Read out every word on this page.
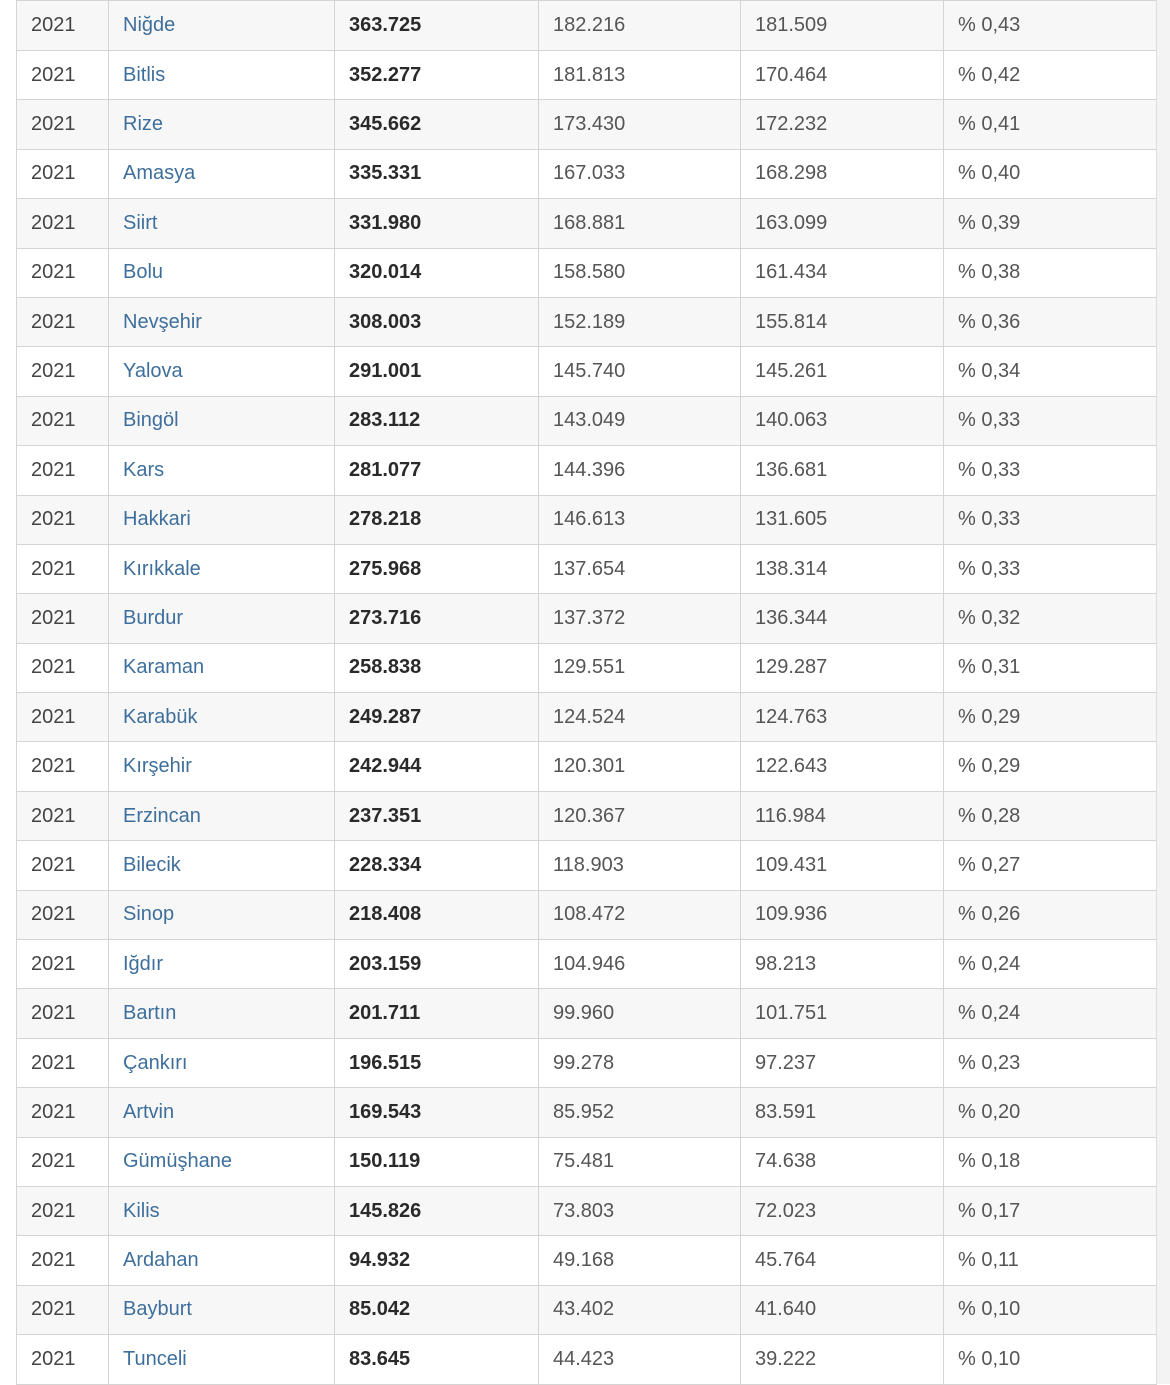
2021	Niğde	363.725	182.216	181.509	% 0,43
2021	Bitlis	352.277	181.813	170.464	% 0,42
2021	Rize	345.662	173.430	172.232	% 0,41
2021	Amasya	335.331	167.033	168.298	% 0,40
2021	Siirt	331.980	168.881	163.099	% 0,39
2021	Bolu	320.014	158.580	161.434	% 0,38
2021	Nevşehir	308.003	152.189	155.814	% 0,36
2021	Yalova	291.001	145.740	145.261	% 0,34
2021	Bingöl	283.112	143.049	140.063	% 0,33
2021	Kars	281.077	144.396	136.681	% 0,33
2021	Hakkari	278.218	146.613	131.605	% 0,33
2021	Kırıkkale	275.968	137.654	138.314	% 0,33
2021	Burdur	273.716	137.372	136.344	% 0,32
2021	Karaman	258.838	129.551	129.287	% 0,31
2021	Karabük	249.287	124.524	124.763	% 0,29
2021	Kırşehir	242.944	120.301	122.643	% 0,29
2021	Erzincan	237.351	120.367	116.984	% 0,28
2021	Bilecik	228.334	118.903	109.431	% 0,27
2021	Sinop	218.408	108.472	109.936	% 0,26
2021	Iğdır	203.159	104.946	98.213	% 0,24
2021	Bartın	201.711	99.960	101.751	% 0,24
2021	Çankırı	196.515	99.278	97.237	% 0,23
2021	Artvin	169.543	85.952	83.591	% 0,20
2021	Gümüşhane	150.119	75.481	74.638	% 0,18
2021	Kilis	145.826	73.803	72.023	% 0,17
2021	Ardahan	94.932	49.168	45.764	% 0,11
2021	Bayburt	85.042	43.402	41.640	% 0,10
2021	Tunceli	83.645	44.423	39.222	% 0,10
